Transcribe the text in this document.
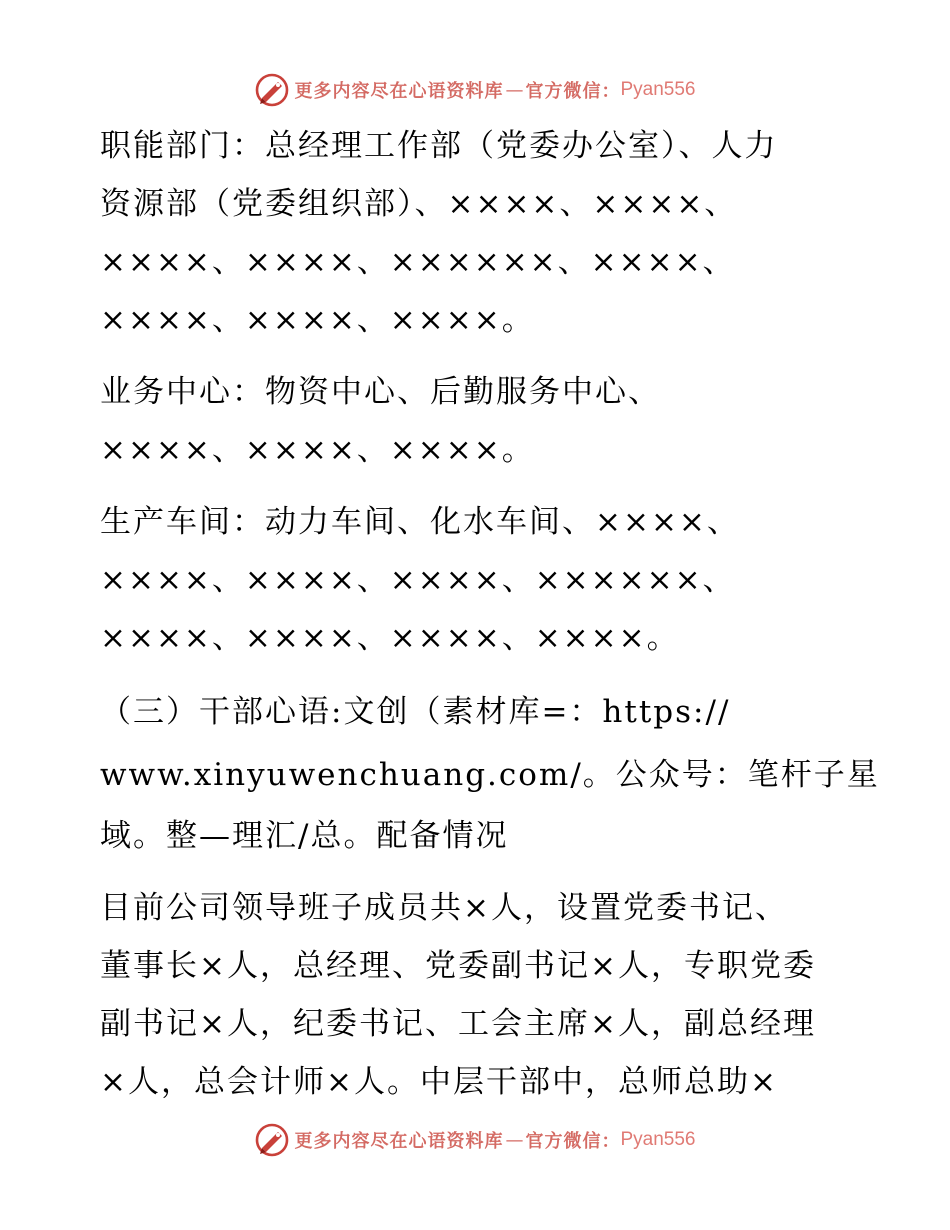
更多内容尽在心语资料库 — 官方微信： Pyan556
职能部门：总经理工作部（党委办公室）、人力
资源部（党委组织部）、××××、××××、
××××、××××、××××××、××××、
××××、××××、××××。
业务中心：物资中心、后勤服务中心、
××××、××××、××××。
生产车间：动力车间、化水车间、××××、
××××、××××、××××、××××××、
××××、××××、××××、××××。
（三）干部心语:文创（素材库=：https://
www.xinyuwenchuang.com/。公众号：笔杆子星
域。整—理汇/总。配备情况
目前公司领导班子成员共×人，设置党委书记、
董事长×人，总经理、党委副书记×人，专职党委
副书记×人，纪委书记、工会主席×人，副总经理
×人，总会计师×人。中层干部中，总师总助×
更多内容尽在心语资料库 — 官方微信： Pyan556
